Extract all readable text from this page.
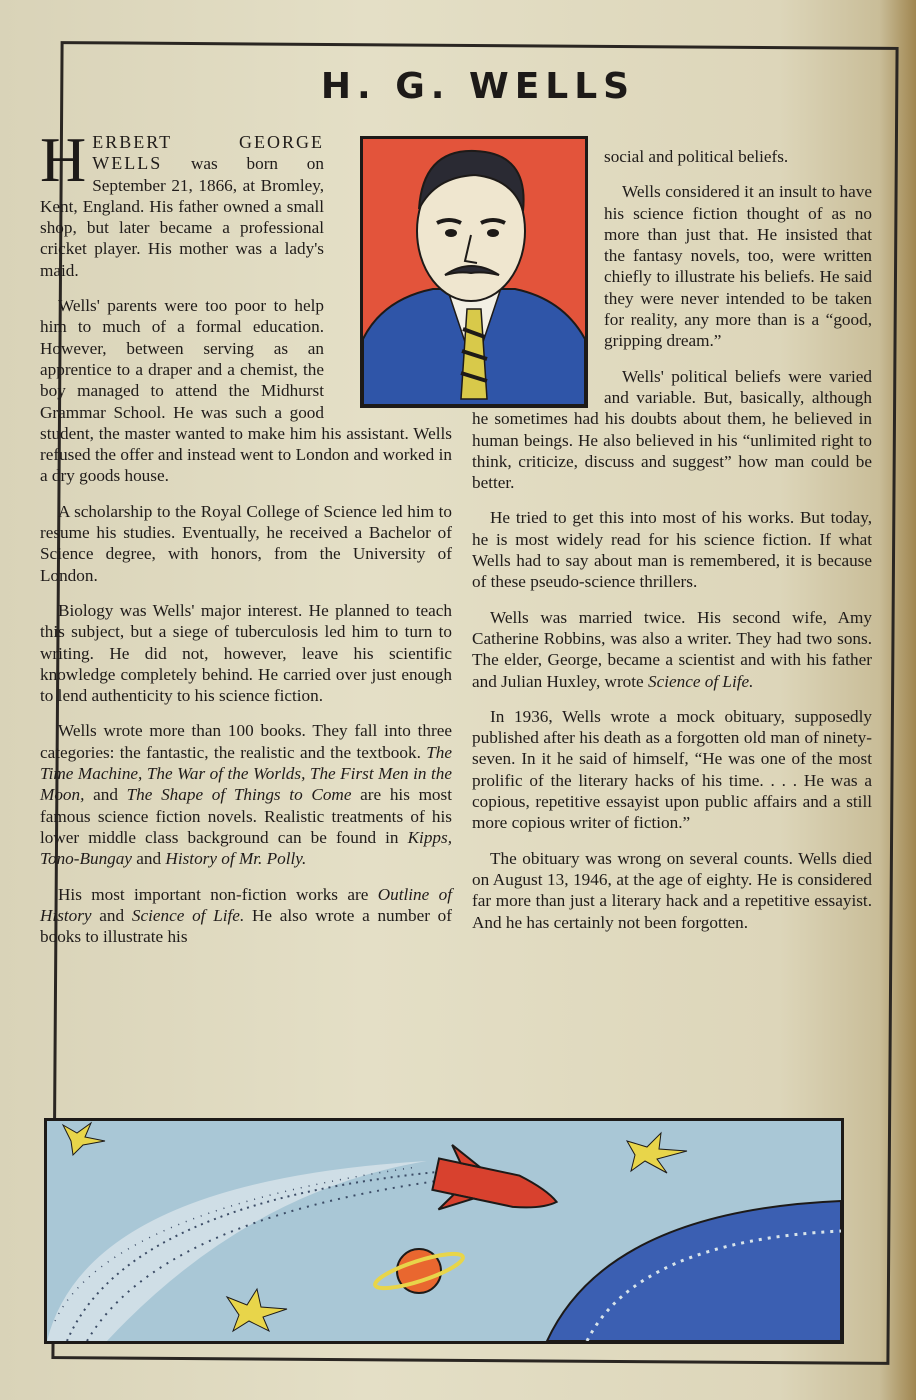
H. G. WELLS

HERBERT GEORGE WELLS was born on September 21, 1866, at Bromley, Kent, England. His father owned a small shop, but later became a professional cricket player. His mother was a lady's maid.

Wells' parents were too poor to help him to much of a formal education. However, between serving as an apprentice to a draper and a chemist, the boy managed to attend the Midhurst Grammar School. He was such a good student, the master wanted to make him his assistant. Wells refused the offer and instead went to London and worked in a dry goods house.

A scholarship to the Royal College of Science led him to resume his studies. Eventually, he received a Bachelor of Science degree, with honors, from the University of London.

Biology was Wells' major interest. He planned to teach this subject, but a siege of tuberculosis led him to turn to writing. He did not, however, leave his scientific knowledge completely behind. He carried over just enough to lend authenticity to his science fiction.

Wells wrote more than 100 books. They fall into three categories: the fantastic, the realistic and the textbook. The Time Machine, The War of the Worlds, The First Men in the Moon, and The Shape of Things to Come are his most famous science fiction novels. Realistic treatments of his lower middle class background can be found in Kipps, Tono-Bungay and History of Mr. Polly.

His most important non-fiction works are Outline of History and Science of Life. He also wrote a number of books to illustrate his

social and political beliefs.

Wells considered it an insult to have his science fiction thought of as no more than just that. He insisted that the fantasy novels, too, were written chiefly to illustrate his beliefs. He said they were never intended to be taken for reality, any more than is a “good, gripping dream.”

Wells' political beliefs were varied and variable. But, basically, although he sometimes had his doubts about them, he believed in human beings. He also believed in his “unlimited right to think, criticize, discuss and suggest” how man could be better.

He tried to get this into most of his works. But today, he is most widely read for his science fiction. If what Wells had to say about man is remembered, it is because of these pseudo-science thrillers.

Wells was married twice. His second wife, Amy Catherine Robbins, was also a writer. They had two sons. The elder, George, became a scientist and with his father and Julian Huxley, wrote Science of Life.

In 1936, Wells wrote a mock obituary, supposedly published after his death as a forgotten old man of ninety-seven. In it he said of himself, “He was one of the most prolific of the literary hacks of his time. . . . He was a copious, repetitive essayist upon public affairs and a still more copious writer of fiction.”

The obituary was wrong on several counts. Wells died on August 13, 1946, at the age of eighty. He is considered far more than just a literary hack and a repetitive essayist. And he has certainly not been forgotten.
